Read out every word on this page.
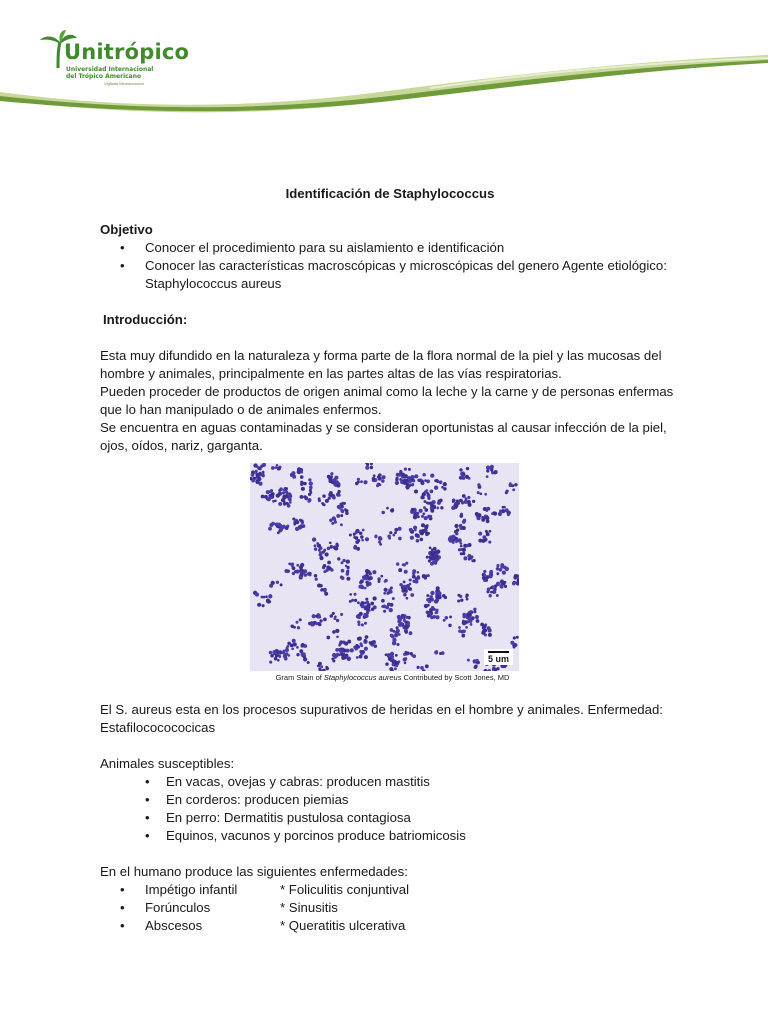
Unitrópico
Universidad Internacional
del Trópico Americano
Vigilada Mineducación
Identificación de Staphylococcus
Objetivo
• Conocer el procedimiento para su aislamiento e identificación
• Conocer las características macroscópicas y microscópicas del genero Agente etiológico: Staphylococcus aureus
Introducción:

Esta muy difundido en la naturaleza y forma parte de la flora normal de la piel y las mucosas del hombre y animales, principalmente en las partes altas de las vías respiratorias.

Pueden proceder de productos de origen animal como la leche y la carne y de personas enfermas que lo han manipulado o de animales enfermos.

Se encuentra en aguas contaminadas y se consideran oportunistas al causar infección de la piel, ojos, oídos, nariz, garganta.

5 um
Gram Stain of Staphylococcus aureus Contributed by Scott Jones, MD

El S. aureus esta en los procesos supurativos de heridas en el hombre y animales. Enfermedad: Estafilococococicas

Animales susceptibles:
• En vacas, ovejas y cabras: producen mastitis
• En corderos: producen piemias
• En perro: Dermatitis pustulosa contagiosa
• Equinos, vacunos y porcinos produce batriomicosis
En el humano produce las siguientes enfermedades:
• Impétigo infantil	* Foliculitis conjuntival
• Forúnculos	* Sinusitis
• Abscesos	* Queratitis ulcerativa
